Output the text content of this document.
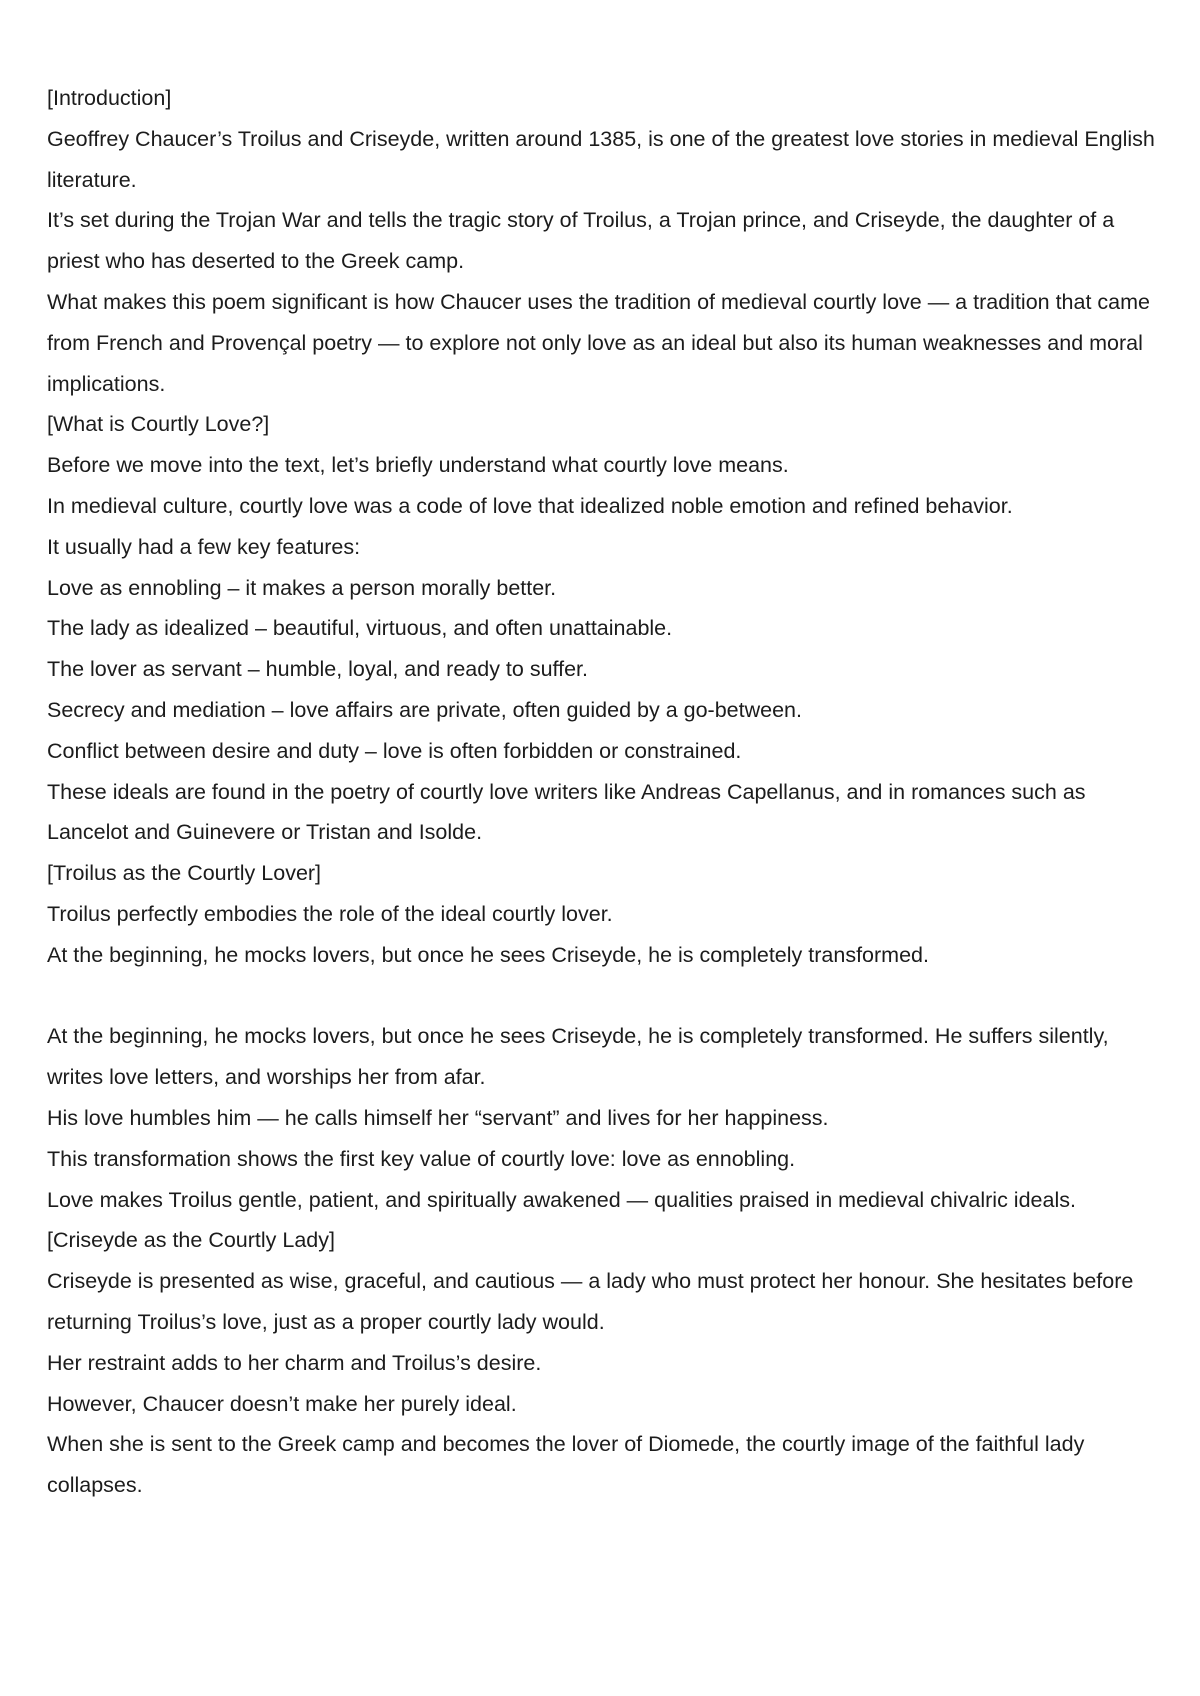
[Introduction]

Geoffrey Chaucer’s Troilus and Criseyde, written around 1385, is one of the greatest love stories in medieval English literature.

It’s set during the Trojan War and tells the tragic story of Troilus, a Trojan prince, and Criseyde, the daughter of a priest who has deserted to the Greek camp.

What makes this poem significant is how Chaucer uses the tradition of medieval courtly love — a tradition that came from French and Provençal poetry — to explore not only love as an ideal but also its human weaknesses and moral implications.

[What is Courtly Love?]

Before we move into the text, let’s briefly understand what courtly love means.

In medieval culture, courtly love was a code of love that idealized noble emotion and refined behavior.

It usually had a few key features:

Love as ennobling – it makes a person morally better.

The lady as idealized – beautiful, virtuous, and often unattainable.

The lover as servant – humble, loyal, and ready to suffer.

Secrecy and mediation – love affairs are private, often guided by a go-between.

Conflict between desire and duty – love is often forbidden or constrained.

These ideals are found in the poetry of courtly love writers like Andreas Capellanus, and in romances such as Lancelot and Guinevere or Tristan and Isolde.

[Troilus as the Courtly Lover]

Troilus perfectly embodies the role of the ideal courtly lover.

At the beginning, he mocks lovers, but once he sees Criseyde, he is completely transformed.

At the beginning, he mocks lovers, but once he sees Criseyde, he is completely transformed. He suffers silently, writes love letters, and worships her from afar.

His love humbles him — he calls himself her “servant” and lives for her happiness.

This transformation shows the first key value of courtly love: love as ennobling.

Love makes Troilus gentle, patient, and spiritually awakened — qualities praised in medieval chivalric ideals.

[Criseyde as the Courtly Lady]

Criseyde is presented as wise, graceful, and cautious — a lady who must protect her honour. She hesitates before returning Troilus’s love, just as a proper courtly lady would.

Her restraint adds to her charm and Troilus’s desire.

However, Chaucer doesn’t make her purely ideal.

When she is sent to the Greek camp and becomes the lover of Diomede, the courtly image of the faithful lady collapses.
